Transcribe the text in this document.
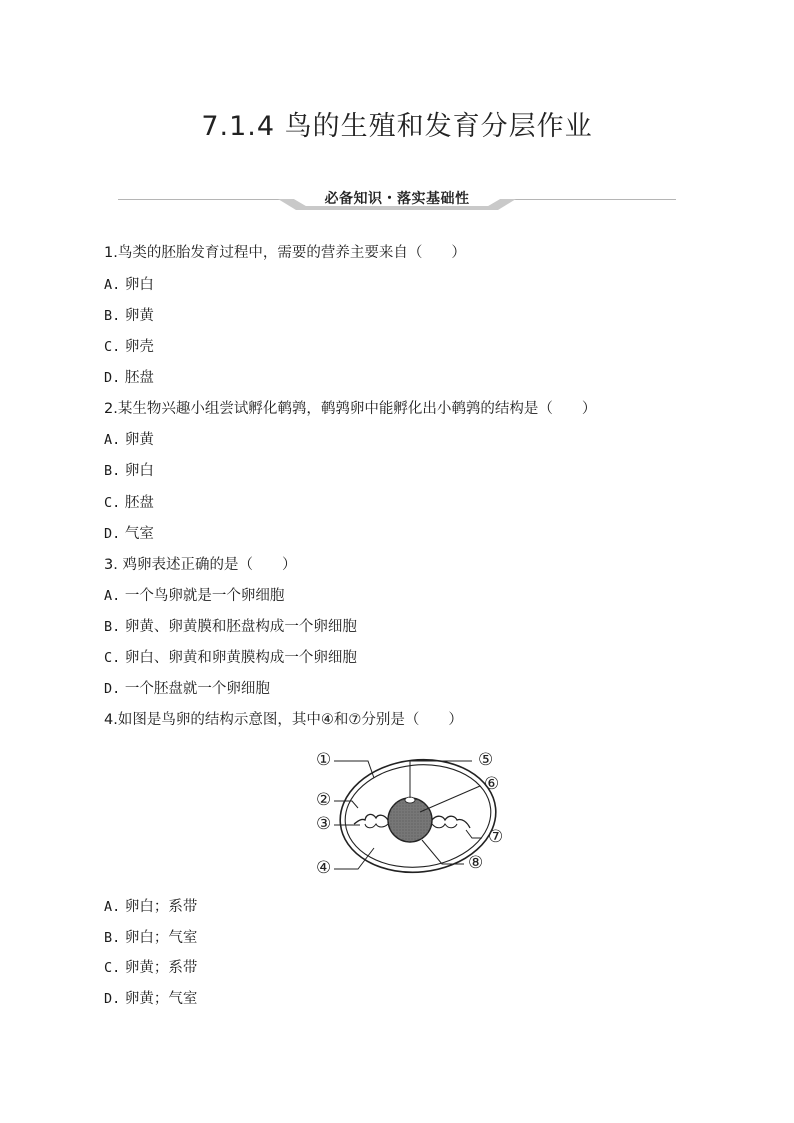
7.1.4 鸟的生殖和发育分层作业
必备知识・落实基础性
1.鸟类的胚胎发育过程中，需要的营养主要来自（　　）
A. 卵白
B. 卵黄
C. 卵壳
D. 胚盘
2.某生物兴趣小组尝试孵化鹌鹑，鹌鹑卵中能孵化出小鹌鹑的结构是（　　）
A. 卵黄
B. 卵白
C. 胚盘
D. 气室
3. 鸡卵表述正确的是（　　）
A. 一个鸟卵就是一个卵细胞
B. 卵黄、卵黄膜和胚盘构成一个卵细胞
C. 卵白、卵黄和卵黄膜构成一个卵细胞
D. 一个胚盘就一个卵细胞
4.如图是鸟卵的结构示意图，其中④和⑦分别是（　　）
①
②
③
④
⑤
⑥
⑦
⑧
A. 卵白；系带
B. 卵白；气室
C. 卵黄；系带
D. 卵黄；气室
